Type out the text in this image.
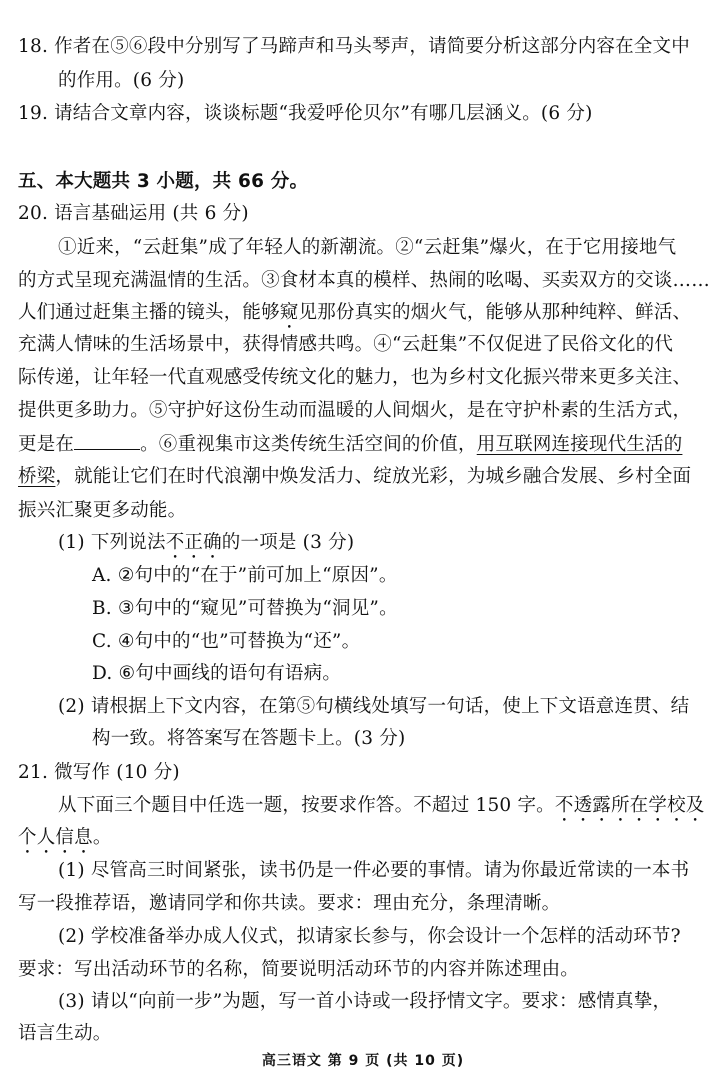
18. 作者在⑤⑥段中分别写了马蹄声和马头琴声，请简要分析这部分内容在全文中
的作用。(6 分)
19. 请结合文章内容，谈谈标题“我爱呼伦贝尔”有哪几层涵义。(6 分)
五、本大题共 3 小题，共 66 分。
20. 语言基础运用 (共 6 分)
①近来，“云赶集”成了年轻人的新潮流。②“云赶集”爆火，在于它用接地气
的方式呈现充满温情的生活。③食材本真的模样、热闹的吆喝、买卖双方的交谈……
人们通过赶集主播的镜头，能够窥见那份真实的烟火气，能够从那种纯粹、鲜活、
充满人情味的生活场景中，获得情感共鸣。④“云赶集”不仅促进了民俗文化的代
际传递，让年轻一代直观感受传统文化的魅力，也为乡村文化振兴带来更多关注、
提供更多助力。⑤守护好这份生动而温暖的人间烟火，是在守护朴素的生活方式，
更是在	。⑥重视集市这类传统生活空间的价值，用互联网连接现代生活的
桥梁，就能让它们在时代浪潮中焕发活力、绽放光彩，为城乡融合发展、乡村全面
振兴汇聚更多动能。
(1) 下列说法不正确的一项是 (3 分)
A. ②句中的“在于”前可加上“原因”。
B. ③句中的“窥见”可替换为“洞见”。
C. ④句中的“也”可替换为“还”。
D. ⑥句中画线的语句有语病。
(2) 请根据上下文内容，在第⑤句横线处填写一句话，使上下文语意连贯、结
构一致。将答案写在答题卡上。(3 分)
21. 微写作 (10 分)
从下面三个题目中任选一题，按要求作答。不超过 150 字。不透露所在学校及
个人信息。
(1) 尽管高三时间紧张，读书仍是一件必要的事情。请为你最近常读的一本书
写一段推荐语，邀请同学和你共读。要求：理由充分，条理清晰。
(2) 学校准备举办成人仪式，拟请家长参与，你会设计一个怎样的活动环节?
要求：写出活动环节的名称，简要说明活动环节的内容并陈述理由。
(3) 请以“向前一步”为题，写一首小诗或一段抒情文字。要求：感情真挚，
语言生动。
高三语文 第 9 页 (共 10 页)
